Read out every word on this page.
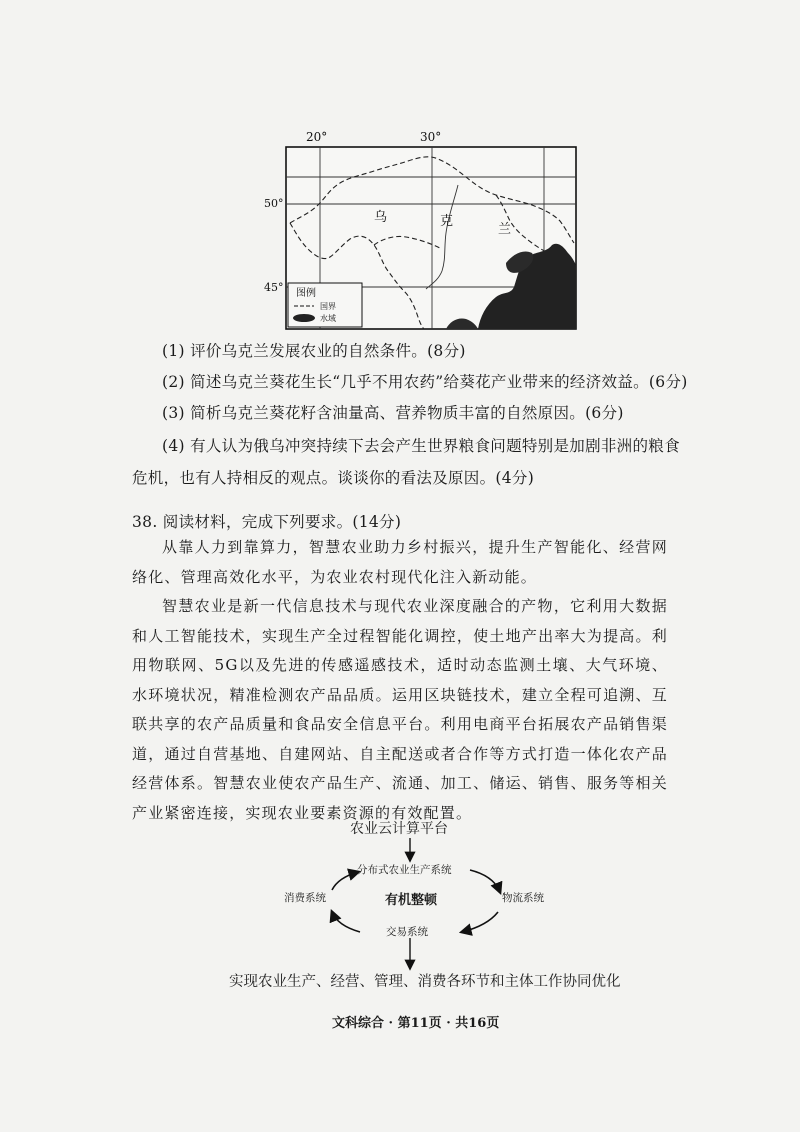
20°	30°
50°
45°
乌	克
兰
图例
国界
水域
(1) 评价乌克兰发展农业的自然条件。(8分)
(2) 简述乌克兰葵花生长“几乎不用农药”给葵花产业带来的经济效益。(6分)
(3) 简析乌克兰葵花籽含油量高、营养物质丰富的自然原因。(6分)
(4) 有人认为俄乌冲突持续下去会产生世界粮食问题特别是加剧非洲的粮食
危机，也有人持相反的观点。谈谈你的看法及原因。(4分)
38. 阅读材料，完成下列要求。(14分)
从靠人力到靠算力，智慧农业助力乡村振兴，提升生产智能化、经营网络化、管理高效化水平，为农业农村现代化注入新动能。
智慧农业是新一代信息技术与现代农业深度融合的产物，它利用大数据和人工智能技术，实现生产全过程智能化调控，使土地产出率大为提高。利用物联网、5G以及先进的传感遥感技术，适时动态监测土壤、大气环境、水环境状况，精准检测农产品品质。运用区块链技术，建立全程可追溯、互联共享的农产品质量和食品安全信息平台。利用电商平台拓展农产品销售渠道，通过自营基地、自建网站、自主配送或者合作等方式打造一体化农产品经营体系。智慧农业使农产品生产、流通、加工、储运、销售、服务等相关产业紧密连接，实现农业要素资源的有效配置。
农业云计算平台
分布式农业生产系统
消费系统	物流系统
有机整顿
交易系统
实现农业生产、经营、管理、消费各环节和主体工作协同优化
文科综合 · 第11页 · 共16页
